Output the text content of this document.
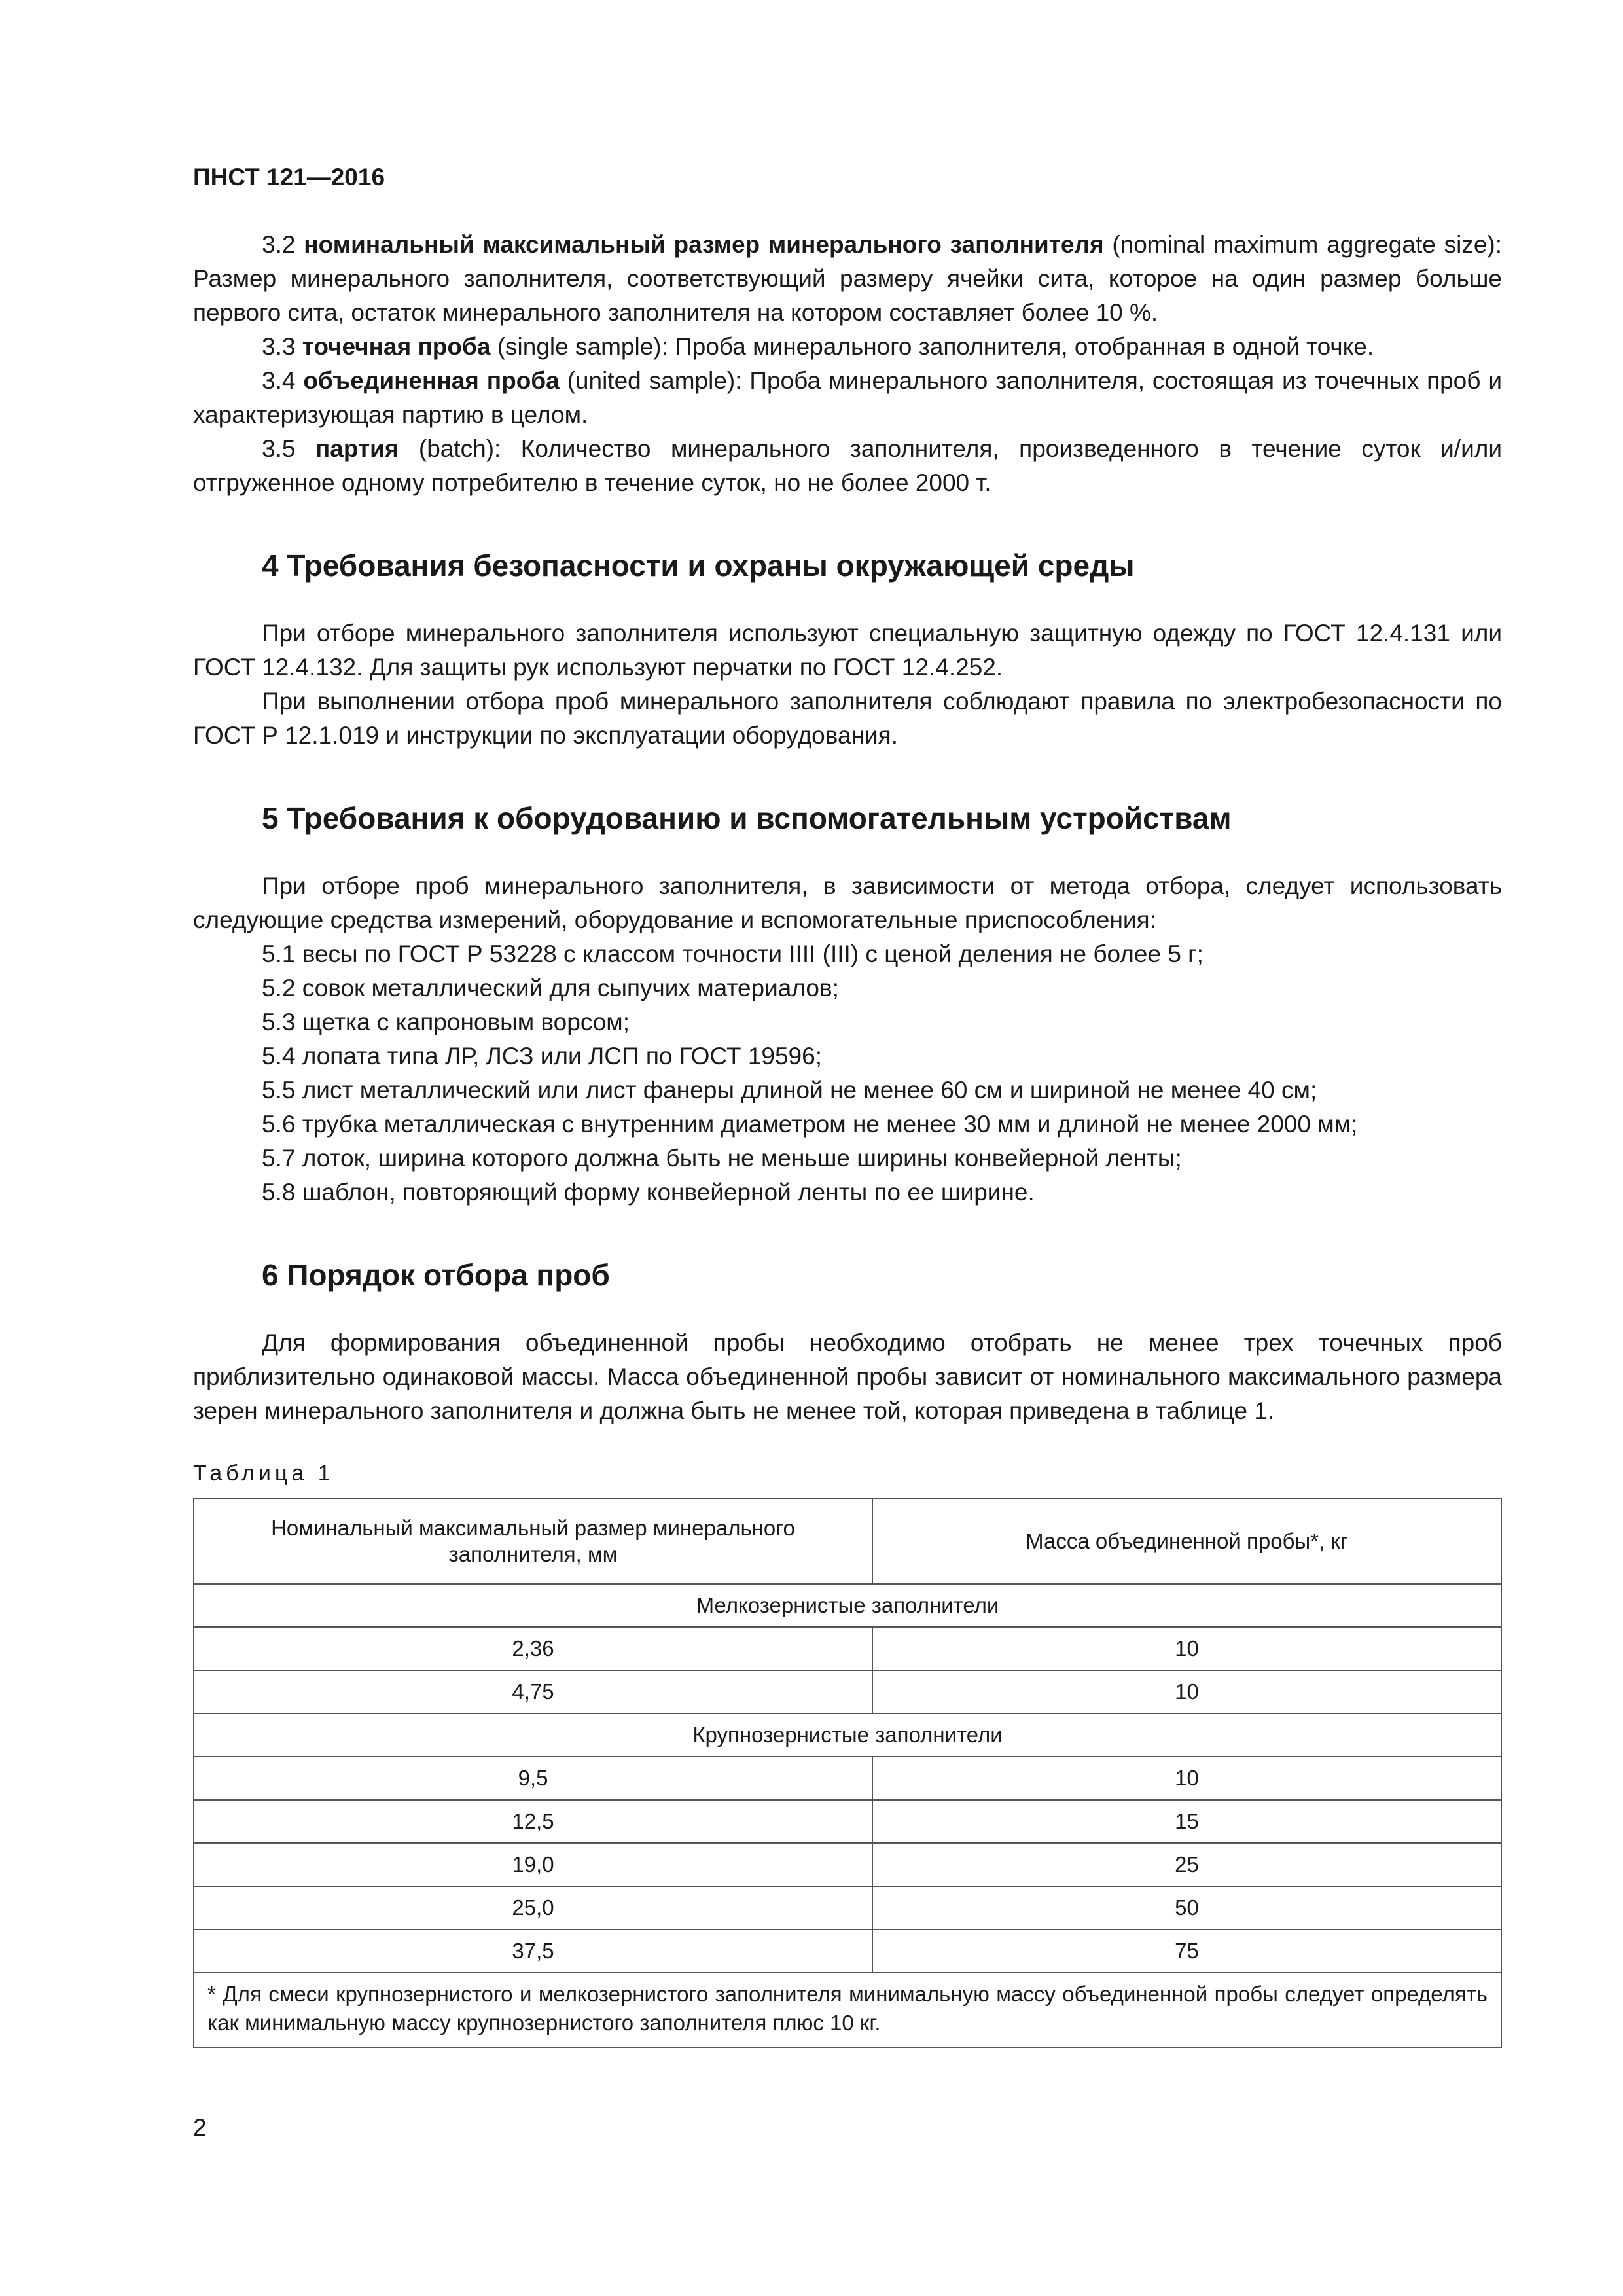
ПНСТ 121—2016

3.2 номинальный максимальный размер минерального заполнителя (nominal maximum aggregate size): Размер минерального заполнителя, соответствующий размеру ячейки сита, которое на один размер больше первого сита, остаток минерального заполнителя на котором составляет более 10 %.

3.3 точечная проба (single sample): Проба минерального заполнителя, отобранная в одной точке.

3.4 объединенная проба (united sample): Проба минерального заполнителя, состоящая из точечных проб и характеризующая партию в целом.

3.5 партия (batch): Количество минерального заполнителя, произведенного в течение суток и/или отгруженное одному потребителю в течение суток, но не более 2000 т.

4 Требования безопасности и охраны окружающей среды

При отборе минерального заполнителя используют специальную защитную одежду по ГОСТ 12.4.131 или ГОСТ 12.4.132. Для защиты рук используют перчатки по ГОСТ 12.4.252.

При выполнении отбора проб минерального заполнителя соблюдают правила по электробезопасности по ГОСТ Р 12.1.019 и инструкции по эксплуатации оборудования.

5 Требования к оборудованию и вспомогательным устройствам

При отборе проб минерального заполнителя, в зависимости от метода отбора, следует использовать следующие средства измерений, оборудование и вспомогательные приспособления:

5.1 весы по ГОСТ Р 53228 с классом точности IIII (III) с ценой деления не более 5 г;

5.2 совок металлический для сыпучих материалов;

5.3 щетка с капроновым ворсом;

5.4 лопата типа ЛР, ЛСЗ или ЛСП по ГОСТ 19596;

5.5 лист металлический или лист фанеры длиной не менее 60 см и шириной не менее 40 см;

5.6 трубка металлическая с внутренним диаметром не менее 30 мм и длиной не менее 2000 мм;

5.7 лоток, ширина которого должна быть не меньше ширины конвейерной ленты;

5.8 шаблон, повторяющий форму конвейерной ленты по ее ширине.

6 Порядок отбора проб

Для формирования объединенной пробы необходимо отобрать не менее трех точечных проб приблизительно одинаковой массы. Масса объединенной пробы зависит от номинального максимального размера зерен минерального заполнителя и должна быть не менее той, которая приведена в таблице 1.

Таблица 1
Номинальный максимальный размер минерального заполнителя, мм	Масса объединенной пробы*, кг
Мелкозернистые заполнители	
2,36	10
4,75	10
Крупнозернистые заполнители	
9,5	10
12,5	15
19,0	25
25,0	50
37,5	75
* Для смеси крупнозернистого и мелкозернистого заполнителя минимальную массу объединенной пробы следует определять как минимальную массу крупнозернистого заполнителя плюс 10 кг.	
2
